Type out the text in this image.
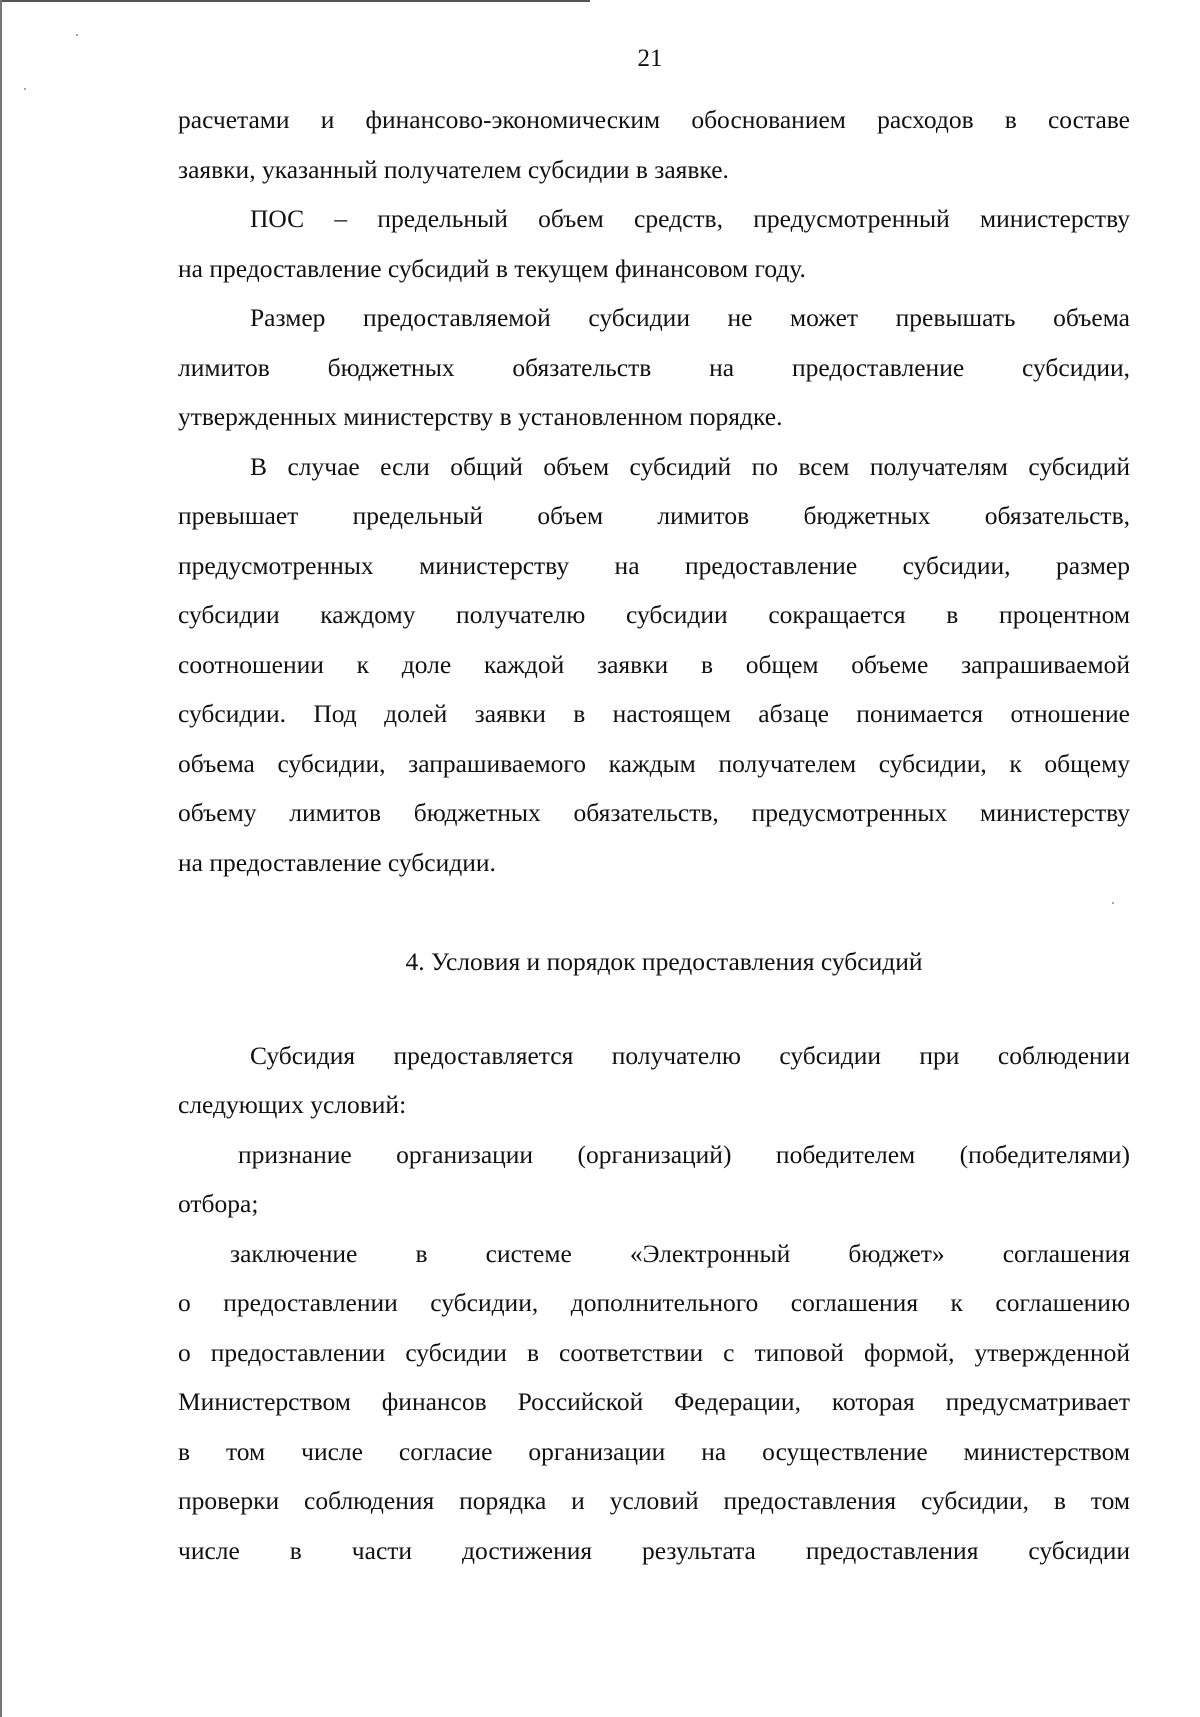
21

расчетами и финансово-экономическим обоснованием расходов в составе
заявки, указанный получателем субсидии в заявке.

ПОС – предельный объем средств, предусмотренный министерству
на предоставление субсидий в текущем финансовом году.

Размер предоставляемой субсидии не может превышать объема
лимитов бюджетных обязательств на предоставление субсидии,
утвержденных министерству в установленном порядке.

В случае если общий объем субсидий по всем получателям субсидий
превышает предельный объем лимитов бюджетных обязательств,
предусмотренных министерству на предоставление субсидии, размер
субсидии каждому получателю субсидии сокращается в процентном
соотношении к доле каждой заявки в общем объеме запрашиваемой
субсидии. Под долей заявки в настоящем абзаце понимается отношение
объема субсидии, запрашиваемого каждым получателем субсидии, к общему
объему лимитов бюджетных обязательств, предусмотренных министерству
на предоставление субсидии.

4. Условия и порядок предоставления субсидий

Субсидия предоставляется получателю субсидии при соблюдении
следующих условий:

признание организации (организаций) победителем (победителями)
отбора;

заключение в системе «Электронный бюджет» соглашения
о предоставлении субсидии, дополнительного соглашения к соглашению
о предоставлении субсидии в соответствии с типовой формой, утвержденной
Министерством финансов Российской Федерации, которая предусматривает
в том числе согласие организации на осуществление министерством
проверки соблюдения порядка и условий предоставления субсидии, в том
числе в части достижения результата предоставления субсидии
